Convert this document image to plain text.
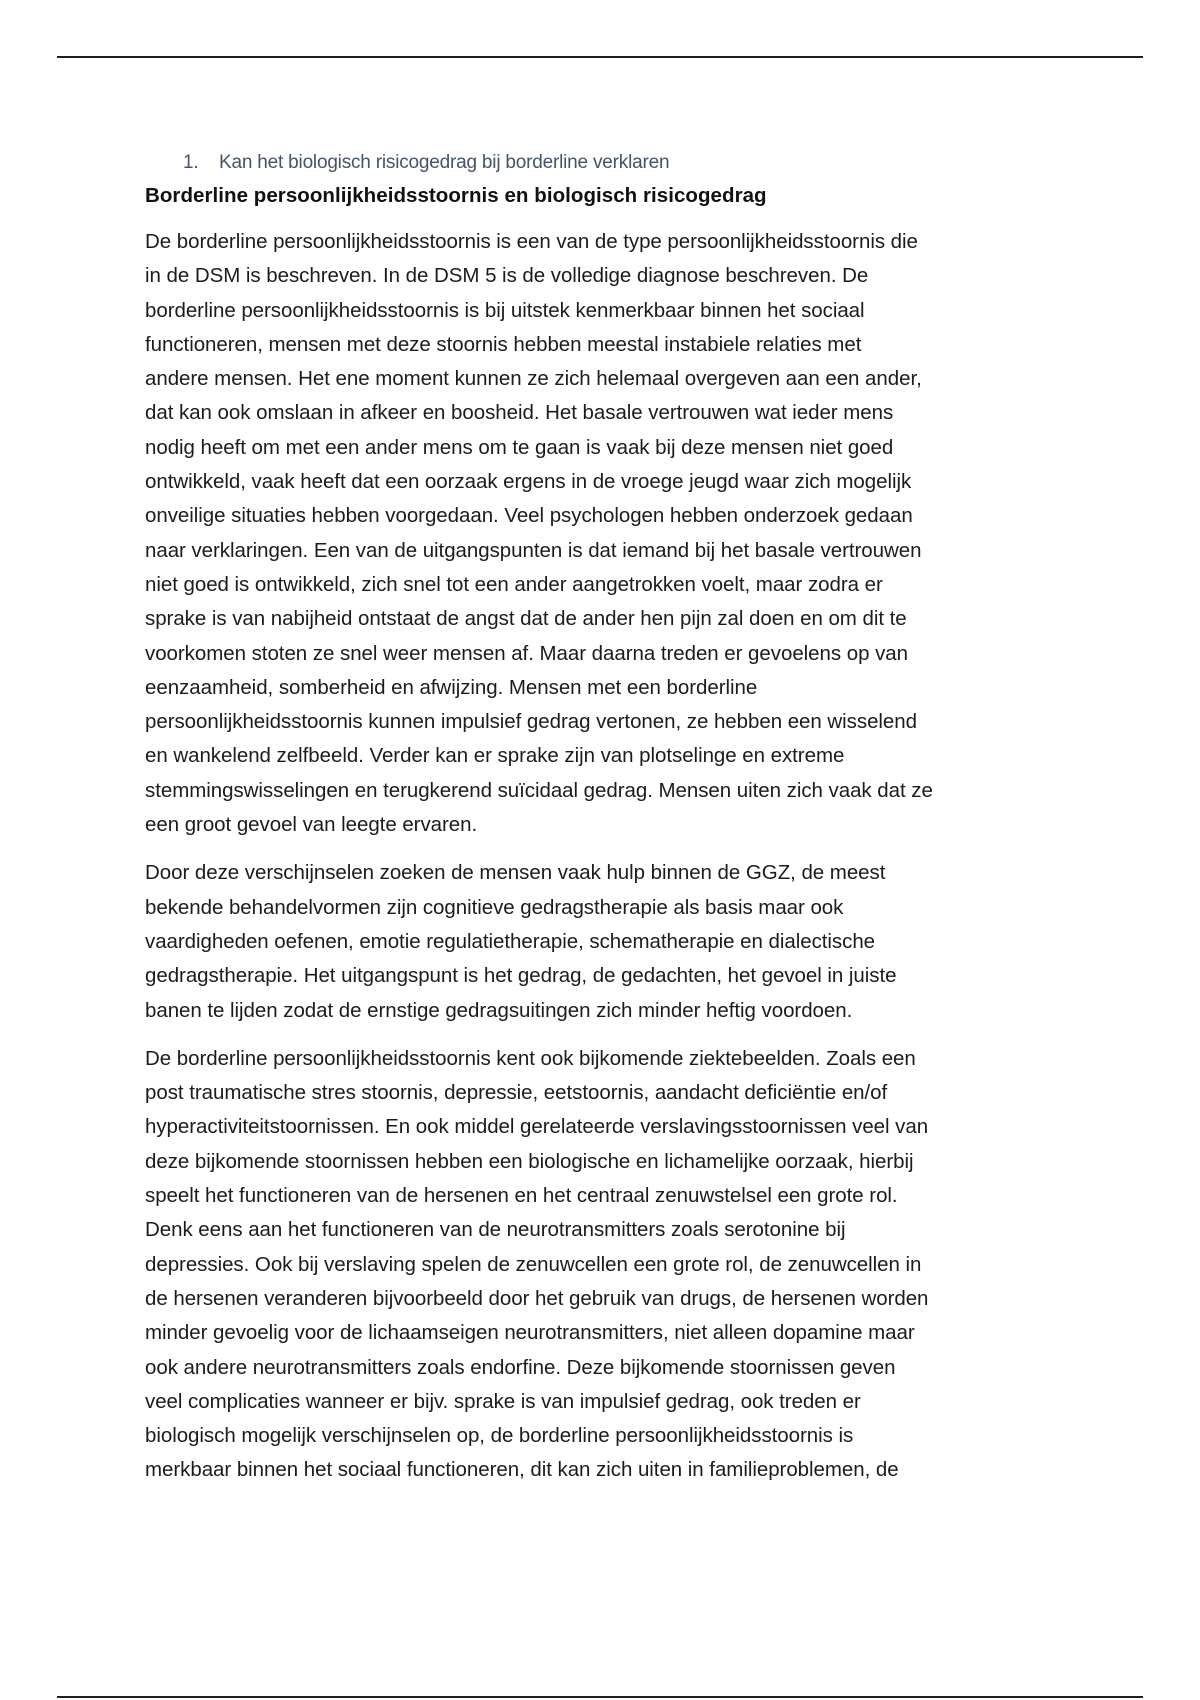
1.	Kan het biologisch risicogedrag bij borderline verklaren
Borderline persoonlijkheidsstoornis en biologisch risicogedrag

De borderline persoonlijkheidsstoornis is een van de type persoonlijkheidsstoornis die
in de DSM is beschreven. In de DSM 5 is de volledige diagnose beschreven. De
borderline persoonlijkheidsstoornis is bij uitstek kenmerkbaar binnen het sociaal
functioneren, mensen met deze stoornis hebben meestal instabiele relaties met
andere mensen. Het ene moment kunnen ze zich helemaal overgeven aan een ander,
dat kan ook omslaan in afkeer en boosheid. Het basale vertrouwen wat ieder mens
nodig heeft om met een ander mens om te gaan is vaak bij deze mensen niet goed
ontwikkeld, vaak heeft dat een oorzaak ergens in de vroege jeugd waar zich mogelijk
onveilige situaties hebben voorgedaan. Veel psychologen hebben onderzoek gedaan
naar verklaringen. Een van de uitgangspunten is dat iemand bij het basale vertrouwen
niet goed is ontwikkeld, zich snel tot een ander aangetrokken voelt, maar zodra er
sprake is van nabijheid ontstaat de angst dat de ander hen pijn zal doen en om dit te
voorkomen stoten ze snel weer mensen af. Maar daarna treden er gevoelens op van
eenzaamheid, somberheid en afwijzing. Mensen met een borderline
persoonlijkheidsstoornis kunnen impulsief gedrag vertonen, ze hebben een wisselend
en wankelend zelfbeeld. Verder kan er sprake zijn van plotselinge en extreme
stemmingswisselingen en terugkerend suïcidaal gedrag. Mensen uiten zich vaak dat ze
een groot gevoel van leegte ervaren.

Door deze verschijnselen zoeken de mensen vaak hulp binnen de GGZ, de meest
bekende behandelvormen zijn cognitieve gedragstherapie als basis maar ook
vaardigheden oefenen, emotie regulatietherapie, schematherapie en dialectische
gedragstherapie. Het uitgangspunt is het gedrag, de gedachten, het gevoel in juiste
banen te lijden zodat de ernstige gedragsuitingen zich minder heftig voordoen.

De borderline persoonlijkheidsstoornis kent ook bijkomende ziektebeelden. Zoals een
post traumatische stres stoornis, depressie, eetstoornis, aandacht deficiëntie en/of
hyperactiviteitstoornissen. En ook middel gerelateerde verslavingsstoornissen veel van
deze bijkomende stoornissen hebben een biologische en lichamelijke oorzaak, hierbij
speelt het functioneren van de hersenen en het centraal zenuwstelsel een grote rol.
Denk eens aan het functioneren van de neurotransmitters zoals serotonine bij
depressies. Ook bij verslaving spelen de zenuwcellen een grote rol, de zenuwcellen in
de hersenen veranderen bijvoorbeeld door het gebruik van drugs, de hersenen worden
minder gevoelig voor de lichaamseigen neurotransmitters, niet alleen dopamine maar
ook andere neurotransmitters zoals endorfine. Deze bijkomende stoornissen geven
veel complicaties wanneer er bijv. sprake is van impulsief gedrag, ook treden er
biologisch mogelijk verschijnselen op, de borderline persoonlijkheidsstoornis is
merkbaar binnen het sociaal functioneren, dit kan zich uiten in familieproblemen, de
